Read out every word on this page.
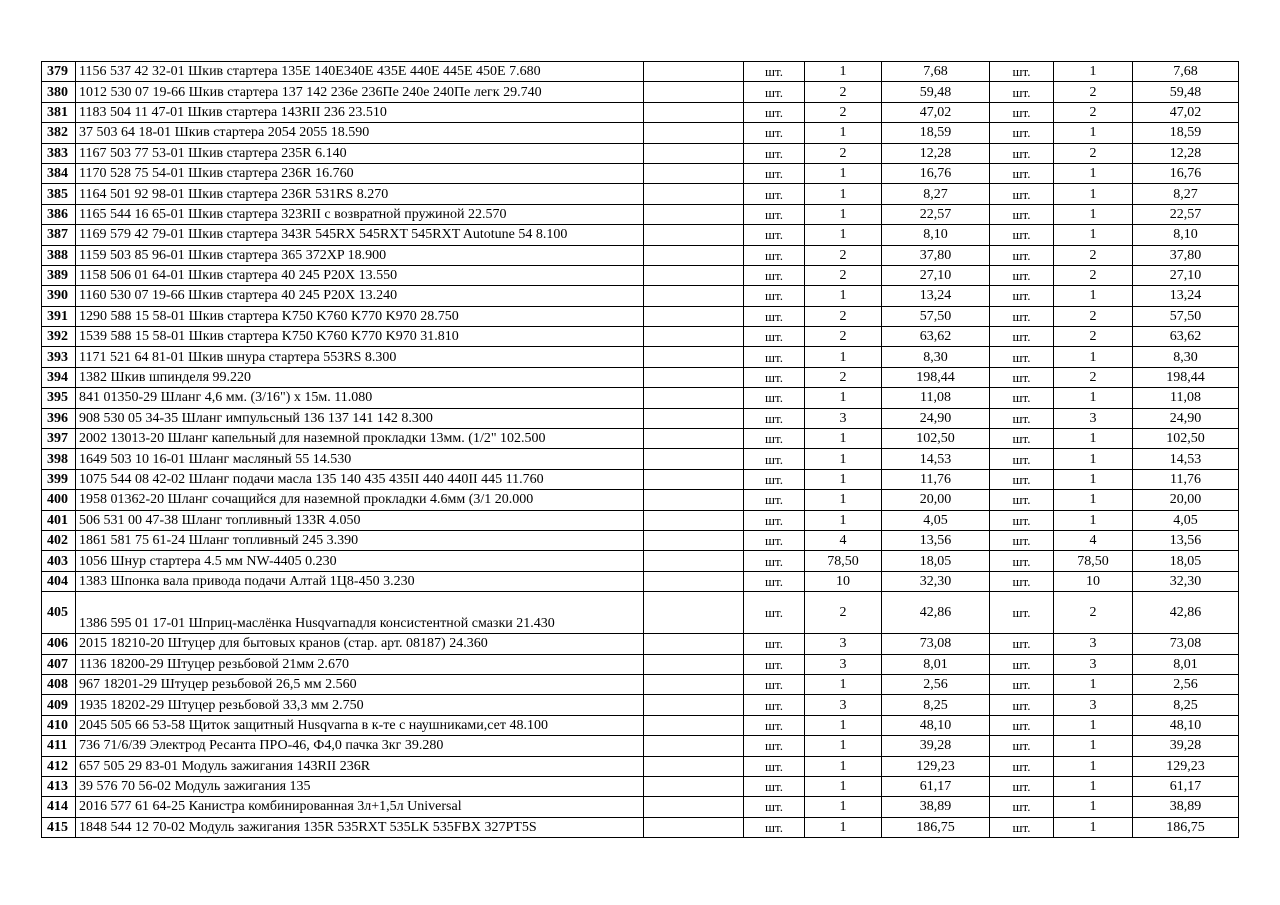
379	1156 537 42 32-01 Шкив стартера 135E 140E340E 435E 440E 445E 450E 7.680		шт.	1	7,68	шт.	1	7,68
380	1012 530 07 19-66 Шкив стартера 137 142 236е 236Пе 240е 240Пе легк 29.740		шт.	2	59,48	шт.	2	59,48
381	1183 504 11 47-01 Шкив стартера 143RII 236 23.510		шт.	2	47,02	шт.	2	47,02
382	37 503 64 18-01 Шкив стартера 2054 2055 18.590		шт.	1	18,59	шт.	1	18,59
383	1167 503 77 53-01 Шкив стартера 235R 6.140		шт.	2	12,28	шт.	2	12,28
384	1170 528 75 54-01 Шкив стартера 236R 16.760		шт.	1	16,76	шт.	1	16,76
385	1164 501 92 98-01 Шкив стартера 236R 531RS 8.270		шт.	1	8,27	шт.	1	8,27
386	1165 544 16 65-01 Шкив стартера 323RII с возвратной пружиной 22.570		шт.	1	22,57	шт.	1	22,57
387	1169 579 42 79-01 Шкив стартера 343R 545RX 545RXT 545RXT Autotune 54 8.100		шт.	1	8,10	шт.	1	8,10
388	1159 503 85 96-01 Шкив стартера 365 372XP 18.900		шт.	2	37,80	шт.	2	37,80
389	1158 506 01 64-01 Шкив стартера 40 245 P20X 13.550		шт.	2	27,10	шт.	2	27,10
390	1160 530 07 19-66 Шкив стартера 40 245 P20X 13.240		шт.	1	13,24	шт.	1	13,24
391	1290 588 15 58-01 Шкив стартера K750 K760 K770 K970 28.750		шт.	2	57,50	шт.	2	57,50
392	1539 588 15 58-01 Шкив стартера K750 K760 K770 K970 31.810		шт.	2	63,62	шт.	2	63,62
393	1171 521 64 81-01 Шкив шнура стартера 553RS 8.300		шт.	1	8,30	шт.	1	8,30
394	1382 Шкив шпинделя 99.220		шт.	2	198,44	шт.	2	198,44
395	841 01350-29 Шланг 4,6 мм. (3/16") х 15м. 11.080		шт.	1	11,08	шт.	1	11,08
396	908 530 05 34-35 Шланг импульсный 136 137 141 142 8.300		шт.	3	24,90	шт.	3	24,90
397	2002 13013-20 Шланг капельный для наземной прокладки 13мм. (1/2" 102.500		шт.	1	102,50	шт.	1	102,50
398	1649 503 10 16-01 Шланг масляный 55 14.530		шт.	1	14,53	шт.	1	14,53
399	1075 544 08 42-02 Шланг подачи масла 135 140 435 435II 440 440II 445 11.760		шт.	1	11,76	шт.	1	11,76
400	1958 01362-20 Шланг сочащийся для наземной прокладки 4.6мм (3/1 20.000		шт.	1	20,00	шт.	1	20,00
401	506 531 00 47-38 Шланг топливный 133R 4.050		шт.	1	4,05	шт.	1	4,05
402	1861 581 75 61-24 Шланг топливный 245 3.390		шт.	4	13,56	шт.	4	13,56
403	1056 Шнур стартера 4.5 мм NW-4405 0.230		шт.	78,50	18,05	шт.	78,50	18,05
404	1383 Шпонка вала привода подачи Алтай 1Ц8-450 3.230		шт.	10	32,30	шт.	10	32,30
405	1386 595 01 17-01 Шприц-маслёнка Husqvarnaдля консистентной смазки 21.430		шт.	2	42,86	шт.	2	42,86
406	2015 18210-20 Штуцер для бытовых кранов (стар. арт. 08187) 24.360		шт.	3	73,08	шт.	3	73,08
407	1136 18200-29 Штуцер резьбовой 21мм 2.670		шт.	3	8,01	шт.	3	8,01
408	967 18201-29 Штуцер резьбовой 26,5 мм 2.560		шт.	1	2,56	шт.	1	2,56
409	1935 18202-29 Штуцер резьбовой 33,3 мм 2.750		шт.	3	8,25	шт.	3	8,25
410	2045 505 66 53-58 Щиток защитный Husqvarna в к-те с наушниками,сет 48.100		шт.	1	48,10	шт.	1	48,10
411	736 71/6/39 Электрод Ресанта ПРО-46, Ф4,0 пачка 3кг 39.280		шт.	1	39,28	шт.	1	39,28
412	657 505 29 83-01 Модуль зажигания 143RII 236R		шт.	1	129,23	шт.	1	129,23
413	39 576 70 56-02 Модуль зажигания 135		шт.	1	61,17	шт.	1	61,17
414	2016 577 61 64-25 Канистра комбинированная 3л+1,5л Universal		шт.	1	38,89	шт.	1	38,89
415	1848 544 12 70-02 Модуль зажигания 135R 535RXT 535LK 535FBX 327PT5S		шт.	1	186,75	шт.	1	186,75
